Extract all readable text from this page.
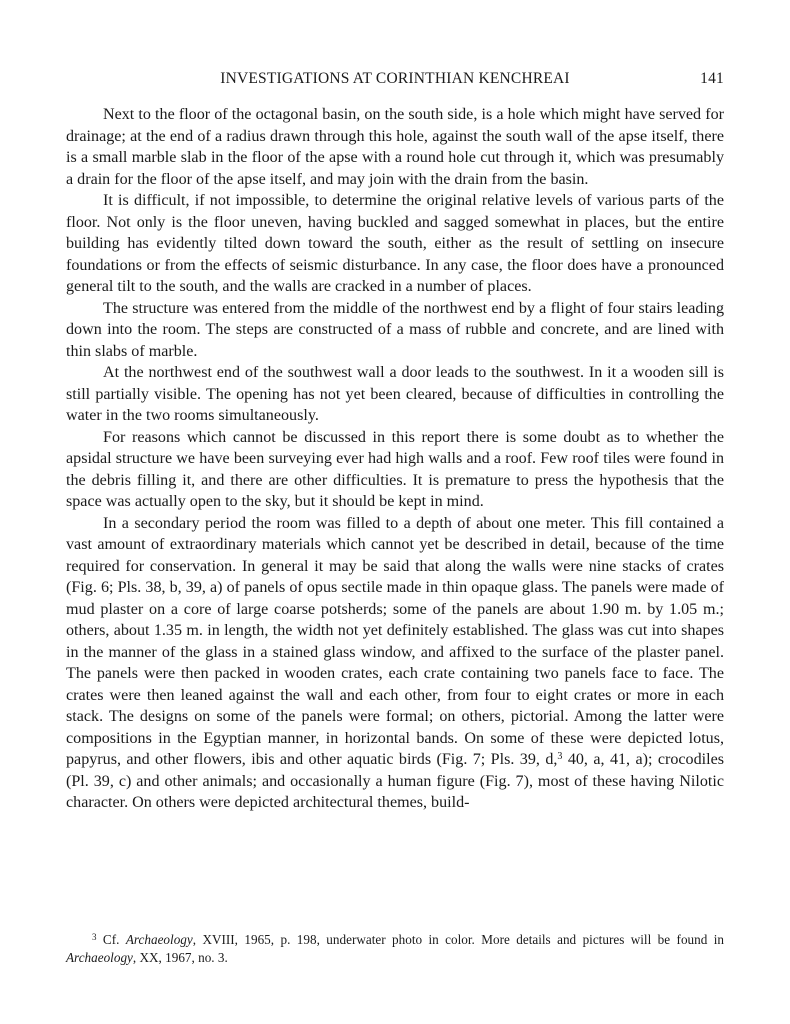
INVESTIGATIONS AT CORINTHIAN KENCHREAI	141

Next to the floor of the octagonal basin, on the south side, is a hole which might have served for drainage; at the end of a radius drawn through this hole, against the south wall of the apse itself, there is a small marble slab in the floor of the apse with a round hole cut through it, which was presumably a drain for the floor of the apse itself, and may join with the drain from the basin.

It is difficult, if not impossible, to determine the original relative levels of various parts of the floor. Not only is the floor uneven, having buckled and sagged somewhat in places, but the entire building has evidently tilted down toward the south, either as the result of settling on insecure foundations or from the effects of seismic disturbance. In any case, the floor does have a pronounced general tilt to the south, and the walls are cracked in a number of places.

The structure was entered from the middle of the northwest end by a flight of four stairs leading down into the room. The steps are constructed of a mass of rubble and concrete, and are lined with thin slabs of marble.

At the northwest end of the southwest wall a door leads to the southwest. In it a wooden sill is still partially visible. The opening has not yet been cleared, because of difficulties in controlling the water in the two rooms simultaneously.

For reasons which cannot be discussed in this report there is some doubt as to whether the apsidal structure we have been surveying ever had high walls and a roof. Few roof tiles were found in the debris filling it, and there are other difficulties. It is premature to press the hypothesis that the space was actually open to the sky, but it should be kept in mind.

In a secondary period the room was filled to a depth of about one meter. This fill contained a vast amount of extraordinary materials which cannot yet be described in detail, because of the time required for conservation. In general it may be said that along the walls were nine stacks of crates (Fig. 6; Pls. 38, b, 39, a) of panels of opus sectile made in thin opaque glass. The panels were made of mud plaster on a core of large coarse potsherds; some of the panels are about 1.90 m. by 1.05 m.; others, about 1.35 m. in length, the width not yet definitely established. The glass was cut into shapes in the manner of the glass in a stained glass window, and affixed to the surface of the plaster panel. The panels were then packed in wooden crates, each crate containing two panels face to face. The crates were then leaned against the wall and each other, from four to eight crates or more in each stack. The designs on some of the panels were formal; on others, pictorial. Among the latter were compositions in the Egyptian manner, in horizontal bands. On some of these were depicted lotus, papyrus, and other flowers, ibis and other aquatic birds (Fig. 7; Pls. 39, d,$^3$ 40, a, 41, a); crocodiles (Pl. 39, c) and other animals; and occasionally a human figure (Fig. 7), most of these having Nilotic character. On others were depicted architectural themes, build-

$^3$ Cf. Archaeology, XVIII, 1965, p. 198, underwater photo in color. More details and pictures will be found in Archaeology, XX, 1967, no. 3.
